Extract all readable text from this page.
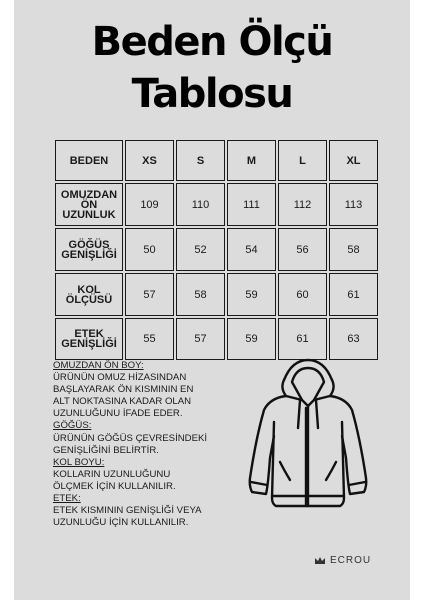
Beden Ölçü
Tablosu
BEDEN	XS	S	M	L	XL
OMUZDAN ÖN UZUNLUK	109	110	111	112	113
GÖĞÜS GENİŞLİĞİ	50	52	54	56	58
KOL ÖLÇÜSÜ	57	58	59	60	61
ETEK GENİŞLİĞİ	55	57	59	61	63
OMUZDAN ÖN BOY:
ÜRÜNÜN OMUZ HİZASINDAN
BAŞLAYARAK ÖN KISMININ EN
ALT NOKTASINA KADAR OLAN
UZUNLUĞUNU İFADE EDER.
GÖĞÜS:
ÜRÜNÜN GÖĞÜS ÇEVRESİNDEKİ
GENİŞLİĞİNİ BELİRTİR.
KOL BOYU:
KOLLARIN UZUNLUĞUNU
ÖLÇMEK İÇİN KULLANILIR.
ETEK:
ETEK KISMININ GENİŞLİĞİ VEYA
UZUNLUĞU İÇİN KULLANILIR.
ECROU
